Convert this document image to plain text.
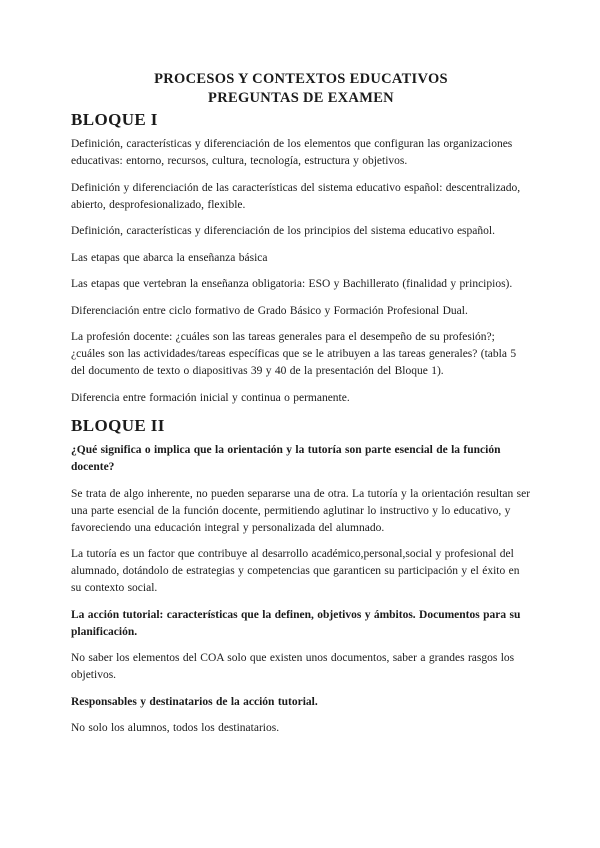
PROCESOS Y CONTEXTOS EDUCATIVOS
PREGUNTAS DE EXAMEN
BLOQUE I

Definición, características y diferenciación de los elementos que configuran las organizaciones educativas: entorno, recursos, cultura, tecnología, estructura y objetivos.

Definición y diferenciación de las características del sistema educativo español: descentralizado, abierto, desprofesionalizado, flexible.

Definición, características y diferenciación de los principios del sistema educativo español.

Las etapas que abarca la enseñanza básica

Las etapas que vertebran la enseñanza obligatoria: ESO y Bachillerato (finalidad y principios).

Diferenciación entre ciclo formativo de Grado Básico y Formación Profesional Dual.

La profesión docente: ¿cuáles son las tareas generales para el desempeño de su profesión?; ¿cuáles son las actividades/tareas específicas que se le atribuyen a las tareas generales? (tabla 5 del documento de texto o diapositivas 39 y 40 de la presentación del Bloque 1).

Diferencia entre formación inicial y continua o permanente.

BLOQUE II

¿Qué significa o implica que la orientación y la tutoría son parte esencial de la función docente?

Se trata de algo inherente, no pueden separarse una de otra. La tutoría y la orientación resultan ser una parte esencial de la función docente, permitiendo aglutinar lo instructivo y lo educativo, y favoreciendo una educación integral y personalizada del alumnado.

La tutoría es un factor que contribuye al desarrollo académico,personal,social y profesional del alumnado, dotándolo de estrategias y competencias que garanticen su participación y el éxito en su contexto social.

La acción tutorial: características que la definen, objetivos y ámbitos. Documentos para su planificación.

No saber los elementos del COA solo que existen unos documentos, saber a grandes rasgos los objetivos.

Responsables y destinatarios de la acción tutorial.

No solo los alumnos, todos los destinatarios.
